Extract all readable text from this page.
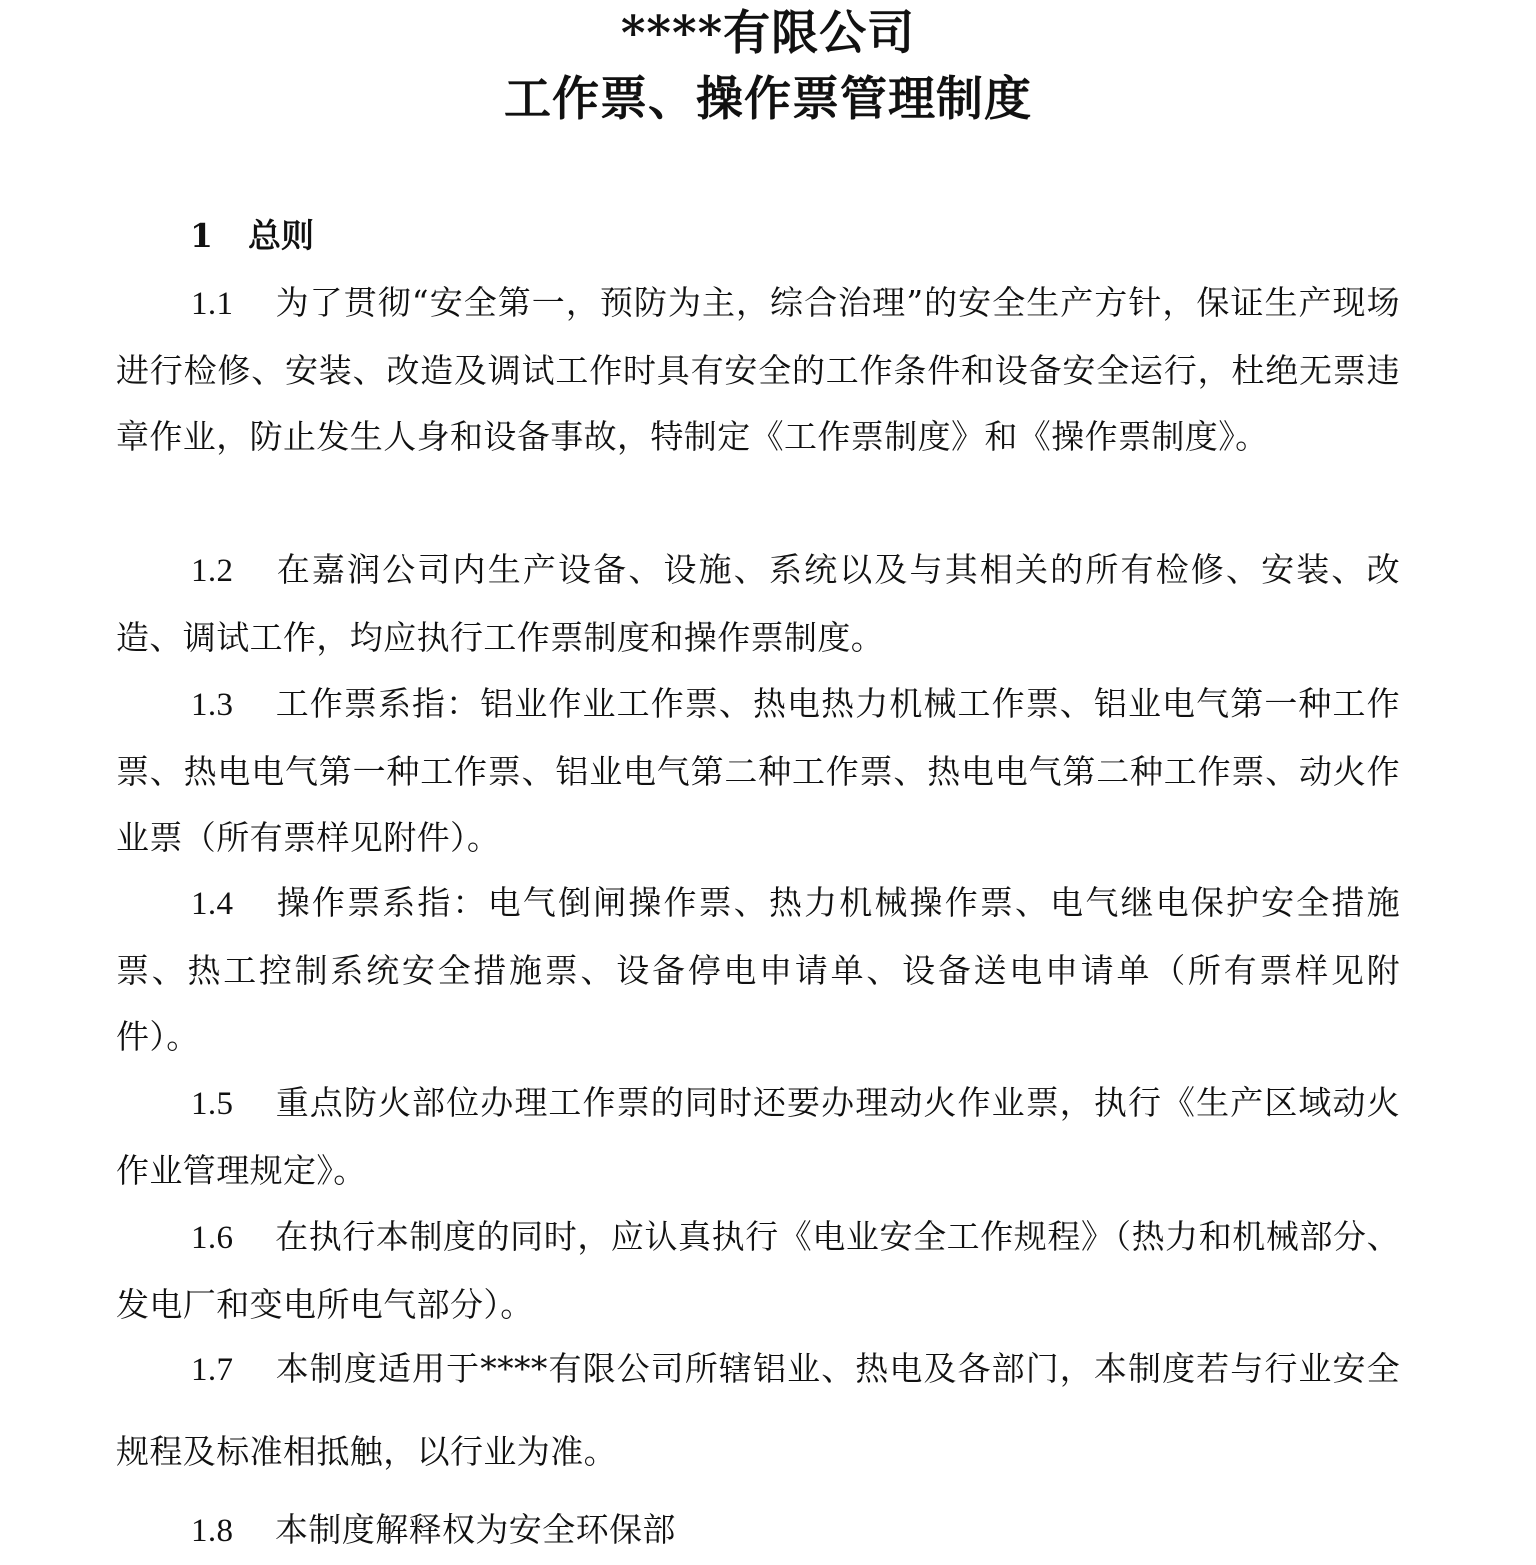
****有限公司
工作票、操作票管理制度
1 总则
1.1 为了贯彻“安全第一，预防为主，综合治理”的安全生产方针，保证生产现场进行检修、安装、改造及调试工作时具有安全的工作条件和设备安全运行，杜绝无票违章作业，防止发生人身和设备事故，特制定《工作票制度》和《操作票制度》。
1.2 在嘉润公司内生产设备、设施、系统以及与其相关的所有检修、安装、改造、调试工作，均应执行工作票制度和操作票制度。
1.3 工作票系指：铝业作业工作票、热电热力机械工作票、铝业电气第一种工作票、热电电气第一种工作票、铝业电气第二种工作票、热电电气第二种工作票、动火作业票（所有票样见附件）。
1.4 操作票系指：电气倒闸操作票、热力机械操作票、电气继电保护安全措施票、热工控制系统安全措施票、设备停电申请单、设备送电申请单（所有票样见附件）。
1.5 重点防火部位办理工作票的同时还要办理动火作业票，执行《生产区域动火作业管理规定》。
1.6 在执行本制度的同时，应认真执行《电业安全工作规程》（热力和机械部分、发电厂和变电所电气部分）。
1.7 本制度适用于****有限公司所辖铝业、热电及各部门，本制度若与行业安全规程及标准相抵触，以行业为准。
1.8 本制度解释权为安全环保部
